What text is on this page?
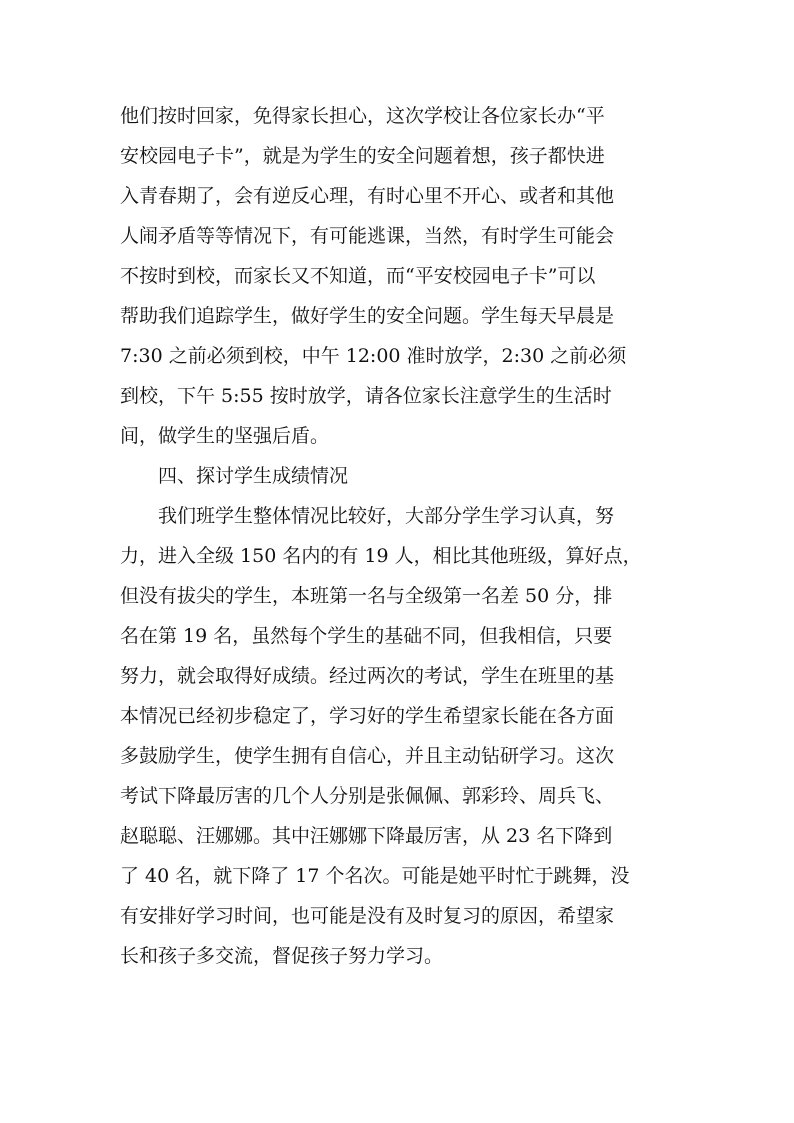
他们按时回家，免得家长担心，这次学校让各位家长办“平
安校园电子卡”，就是为学生的安全问题着想，孩子都快进
入青春期了，会有逆反心理，有时心里不开心、或者和其他
人闹矛盾等等情况下，有可能逃课，当然，有时学生可能会
不按时到校，而家长又不知道，而“平安校园电子卡”可以
帮助我们追踪学生，做好学生的安全问题。学生每天早晨是
7:30 之前必须到校，中午 12:00 准时放学，2:30 之前必须
到校，下午 5:55 按时放学，请各位家长注意学生的生活时
间，做学生的坚强后盾。
四、探讨学生成绩情况
我们班学生整体情况比较好，大部分学生学习认真，努
力，进入全级 150 名内的有 19 人，相比其他班级，算好点，
但没有拔尖的学生，本班第一名与全级第一名差 50 分，排
名在第 19 名，虽然每个学生的基础不同，但我相信，只要
努力，就会取得好成绩。经过两次的考试，学生在班里的基
本情况已经初步稳定了，学习好的学生希望家长能在各方面
多鼓励学生，使学生拥有自信心，并且主动钻研学习。这次
考试下降最厉害的几个人分别是张佩佩、郭彩玲、周兵飞、
赵聪聪、汪娜娜。其中汪娜娜下降最厉害，从 23 名下降到
了 40 名，就下降了 17 个名次。可能是她平时忙于跳舞，没
有安排好学习时间，也可能是没有及时复习的原因，希望家
长和孩子多交流，督促孩子努力学习。
